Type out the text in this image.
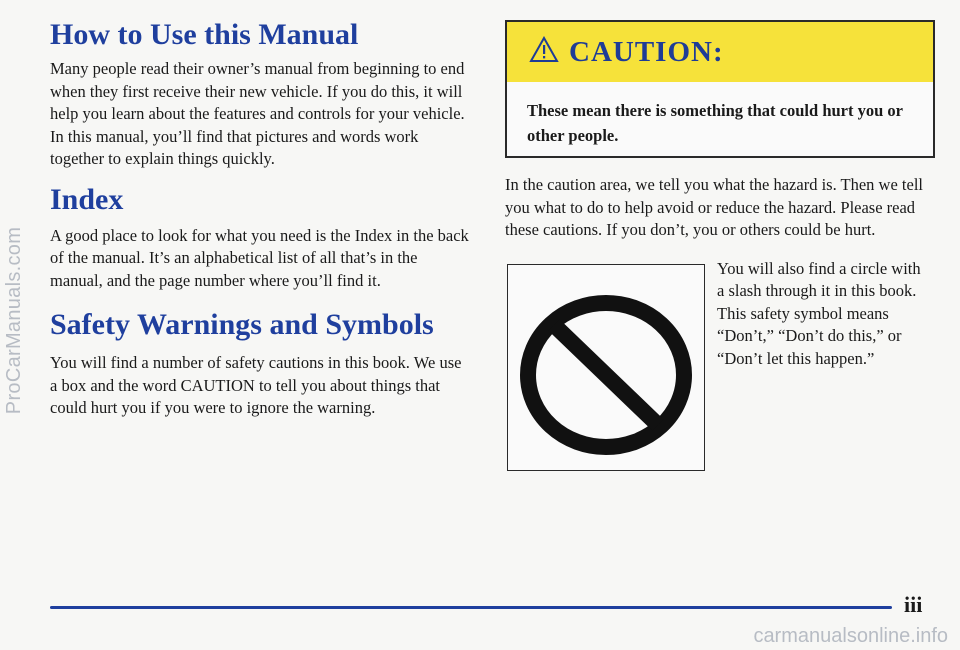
ProCarManuals.com
carmanualsonline.info
How to Use this Manual

Many people read their owner’s manual from beginning to end when they first receive their new vehicle. If you do this, it will help you learn about the features and controls for your vehicle. In this manual, you’ll find that pictures and words work together to explain things quickly.

Index

A good place to look for what you need is the Index in the back of the manual. It’s an alphabetical list of all that’s in the manual, and the page number where you’ll find it.

Safety Warnings and Symbols

You will find a number of safety cautions in this book. We use a box and the word CAUTION to tell you about things that could hurt you if you were to ignore the warning.

CAUTION:
These mean there is something that could hurt you or other people.

In the caution area, we tell you what the hazard is. Then we tell you what to do to help avoid or reduce the hazard. Please read these cautions. If you don’t, you or others could be hurt.

You will also find a circle with a slash through it in this book. This safety symbol means “Don’t,” “Don’t do this,” or “Don’t let this happen.”

iii
